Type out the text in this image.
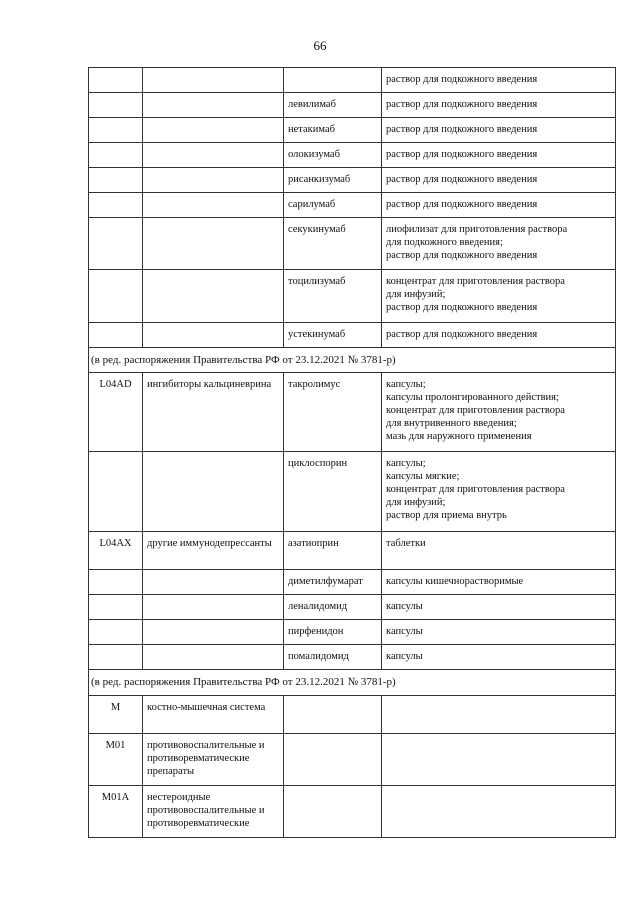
66

			раствор для подкожного введения

		левилимаб	раствор для подкожного введения

		нетакимаб	раствор для подкожного введения

		олокизумаб	раствор для подкожного введения

		рисанкизумаб	раствор для подкожного введения

		сарилумаб	раствор для подкожного введения

		секукинумаб	лиофилизат для приготовления раствора
для подкожного введения;
раствор для подкожного введения

		тоцилизумаб	концентрат для приготовления раствора
для инфузий;
раствор для подкожного введения

		устекинумаб	раствор для подкожного введения

(в ред. распоряжения Правительства РФ от 23.12.2021 № 3781-р)			
L04AD	ингибиторы кальциневрина	такролимус	капсулы;
капсулы пролонгированного действия;
концентрат для приготовления раствора
для внутривенного введения;
мазь для наружного применения

		циклоспорин	капсулы;
капсулы мягкие;
концентрат для приготовления раствора
для инфузий;
раствор для приема внутрь

L04AX	другие иммунодепрессанты	азатиоприн	таблетки

		диметилфумарат	капсулы кишечнорастворимые

		леналидомид	капсулы

		пирфенидон	капсулы

		помалидомид	капсулы

(в ред. распоряжения Правительства РФ от 23.12.2021 № 3781-р)			
M	костно-мышечная система		
M01	противовоспалительные и противоревматические препараты		
M01A	нестероидные противовоспалительные и противоревматические		
